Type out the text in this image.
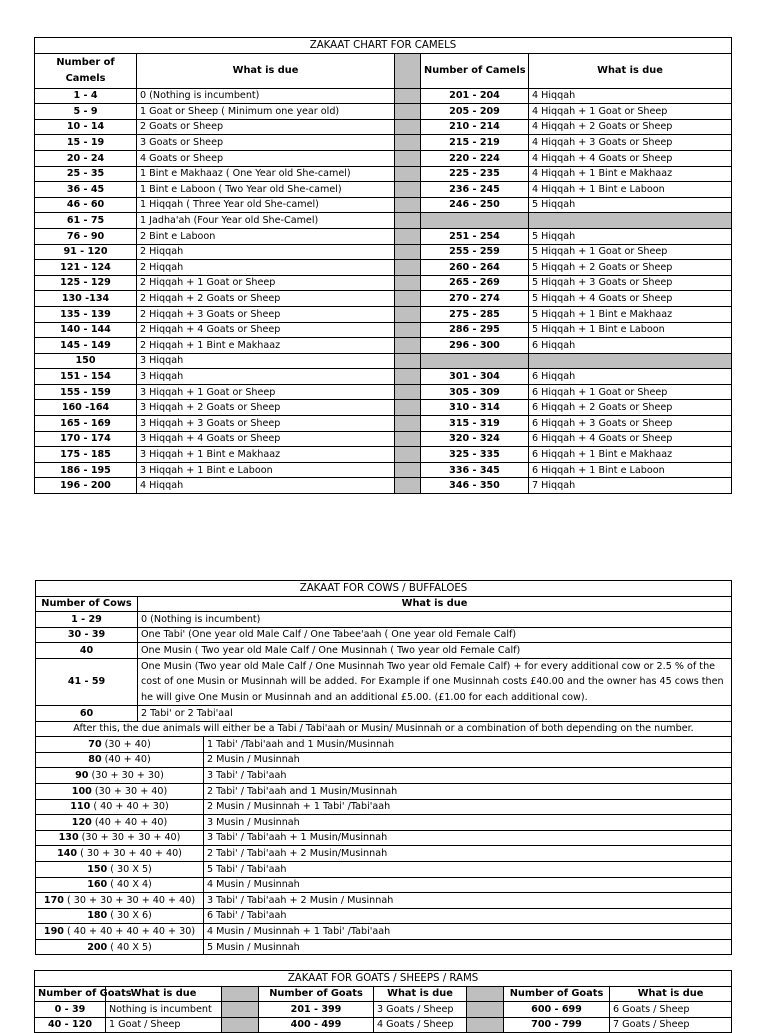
ZAKAAT CHART FOR CAMELS				
Number of Camels	What is due		Number of Camels	What is due
1 - 4	0 (Nothing is incumbent)		201 - 204	4 Hiqqah
5 - 9	1 Goat or Sheep ( Minimum one year old)		205 - 209	4 Hiqqah + 1 Goat or Sheep
10 - 14	2 Goats or Sheep		210 - 214	4 Hiqqah + 2 Goats or Sheep
15 - 19	3 Goats or Sheep		215 - 219	4 Hiqqah + 3 Goats or Sheep
20 - 24	4 Goats or Sheep		220 - 224	4 Hiqqah + 4 Goats or Sheep
25 - 35	1 Bint e Makhaaz ( One Year old She-camel)		225 - 235	4 Hiqqah + 1 Bint e Makhaaz
36 - 45	1 Bint e Laboon ( Two Year old She-camel)		236 - 245	4 Hiqqah + 1 Bint e Laboon
46 - 60	1 Hiqqah ( Three Year old She-camel)		246 - 250	5 Hiqqah
61 - 75	1 Jadha'ah (Four Year old She-Camel)			
76 - 90	2 Bint e Laboon		251 - 254	5 Hiqqah
91 - 120	2 Hiqqah		255 - 259	5 Hiqqah + 1 Goat or Sheep
121 - 124	2 Hiqqah		260 - 264	5 Hiqqah + 2 Goats or Sheep
125 - 129	2 Hiqqah + 1 Goat or Sheep		265 - 269	5 Hiqqah + 3 Goats or Sheep
130 -134	2 Hiqqah + 2 Goats or Sheep		270 - 274	5 Hiqqah + 4 Goats or Sheep
135 - 139	2 Hiqqah + 3 Goats or Sheep		275 - 285	5 Hiqqah + 1 Bint e Makhaaz
140 - 144	2 Hiqqah + 4 Goats or Sheep		286 - 295	5 Hiqqah + 1 Bint e Laboon
145 - 149	2 Hiqqah + 1 Bint e Makhaaz		296 - 300	6 Hiqqah
150	3 Hiqqah			
151 - 154	3 Hiqqah		301 - 304	6 Hiqqah
155 - 159	3 Hiqqah + 1 Goat or Sheep		305 - 309	6 Hiqqah + 1 Goat or Sheep
160 -164	3 Hiqqah + 2 Goats or Sheep		310 - 314	6 Hiqqah + 2 Goats or Sheep
165 - 169	3 Hiqqah + 3 Goats or Sheep		315 - 319	6 Hiqqah + 3 Goats or Sheep
170 - 174	3 Hiqqah + 4 Goats or Sheep		320 - 324	6 Hiqqah + 4 Goats or Sheep
175 - 185	3 Hiqqah + 1 Bint e Makhaaz		325 - 335	6 Hiqqah + 1 Bint e Makhaaz
186 - 195	3 Hiqqah + 1 Bint e Laboon		336 - 345	6 Hiqqah + 1 Bint e Laboon
196 - 200	4 Hiqqah		346 - 350	7 Hiqqah
ZAKAAT FOR COWS / BUFFALOES		
Number of Cows	What is due	
1 - 29	0 (Nothing is incumbent)	
30 - 39	One Tabi' (One year old Male Calf / One Tabee'aah ( One year old Female Calf)	
40	One Musin ( Two year old Male Calf / One Musinnah ( Two year old Female Calf)	
41 - 59	One Musin (Two year old Male Calf / One Musinnah Two year old Female Calf) + for every additional cow or 2.5 % of the cost of one Musin or Musinnah will be added. For Example if one Musinnah costs £40.00 and the owner has 45 cows then he will give One Musin or Musinnah and an additional £5.00. (£1.00 for each additional cow).	
60	2 Tabi' or 2 Tabi'aal	
After this, the due animals will either be a Tabi / Tabi'aah or Musin/ Musinnah or a combination of both depending on the number.		
70 (30 + 40)		1 Tabi' /Tabi'aah and 1 Musin/Musinnah
80 (40 + 40)		2 Musin / Musinnah
90 (30 + 30 + 30)		3 Tabi' / Tabi'aah
100 (30 + 30 + 40)		2 Tabi' / Tabi'aah and 1 Musin/Musinnah
110 ( 40 + 40 + 30)		2 Musin / Musinnah + 1 Tabi' /Tabi'aah
120 (40 + 40 + 40)		3 Musin / Musinnah
130 (30 + 30 + 30 + 40)		3 Tabi' / Tabi'aah + 1 Musin/Musinnah
140 ( 30 + 30 + 40 + 40)		2 Tabi' / Tabi'aah + 2 Musin/Musinnah
150 ( 30 X 5)		5 Tabi' / Tabi'aah
160 ( 40 X 4)		4 Musin / Musinnah
170 ( 30 + 30 + 30 + 40 + 40)		3 Tabi' / Tabi'aah + 2 Musin / Musinnah
180 ( 30 X 6)		6 Tabi' / Tabi'aah
190 ( 40 + 40 + 40 + 40 + 30)		4 Musin / Musinnah + 1 Tabi' /Tabi'aah
200 ( 40 X 5)		5 Musin / Musinnah
ZAKAAT FOR GOATS / SHEEPS / RAMS							
Number of Goats	What is due		Number of Goats	What is due		Number of Goats	What is due
0 - 39	Nothing is incumbent		201 - 399	3 Goats / Sheep		600 - 699	6 Goats / Sheep
40 - 120	1 Goat / Sheep		400 - 499	4 Goats / Sheep		700 - 799	7 Goats / Sheep
